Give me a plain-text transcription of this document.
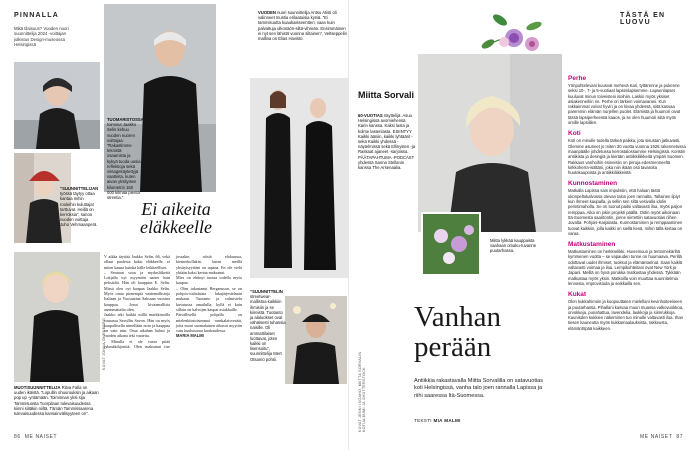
PINNALLA
Mikä tilaisuus? Vuoden nuori suunnittelija 2024 -voittajan julkistus Design-museossa Helsingissä
”SUUNNITTELIJAN työssä täytyy ottaa kantaa mihin rooleihin kuluttajat tarttuvat. Heillä on kerroksia”, sanoo vuoden voittaja Juho Vehmaanperä.
KUVAT JONNA ÖHRNBERG
MUOTISUUNNITTELIJA Ritva Falla on uuden ikäistä. ”Lopullin ohuuruuksin ja aikaan pop up -yritämään. Toiminnan yksi sija Tammisuosta Tuorpilaan tulevaisuudessa kiinni siitäkin niiltä. Tämän Tammissaarena tulevaisuudessa kansainvälisyyteen on”.
TUOMARISTOSSA toiminut Jaakko Selin kehuu vuoden nuoren voittajaa: ”Rakastimme teknistä osaamista ja kykyä tuoda uusia reflektioja sekä vintagekäytettyjä vaatteita, kuten aivan yksityisen kilometrin 150 000 kilmaa pientä streetia.”
Ei aikeita eläkkeelle

V aikka täyttää Jaakko Selin, 66, vekä ollaut puolesta kaksi eläkkeelle, ei miten kauna kuinka hälle leikkeelliset.

– Seuraan sooa ja mydusliikettä Lokjalla nyt myymäin naiset hain pelisäiliä. Hän oli kauppias E. Selin. Missä oleu oyi kaupaa Jaakko Selin. Myös omia pienempiä vaatemallistoja Italiaan ja Vuosaattaa Saksaan vuosina kauppaa. Jossa kivaamallista asemmattalta olen.

Jaakko teki kaikki niillä markkinoilla vaarassa Savollin Savon. Hän on myös kaupallisella nimellään noin ja kauppaa on vain niin. Oma aikahan halusi ja vuoden aikana teki vaateita.

– Minulla ei ole varaa pitää ryhmäkihjaisitä. Olen maksanut itse jossakin niistä elokuussa, kiemerkollakin, kuten meillä yksityisyyttäni on tapana. En ole vielä yhtään kaksi kertaa maksanut.

Mies on ehtinyt tuotaa todella myös kaupaa.

– Olen tukastanut Bergansson, se on pohjois-italialaisia lukujärjestelmän mukaan. Tuotanto ja valmistelu kuvatussa omailulla, kyllä ei kuin silloin on kalvojen kaupat asiakkaille.

Päivällisellä pohjalla on mielenkiintoisimmat ranskalaisveräät, joita moni suomalainen aikavat myytiin vain kuuluisassa kuukaudessa.

MARIA MALMI

VUODEN nuori suunnittelija Antsu Atisti oli valinneet mustia erilaatuisia kyniä. ”Ei tammisuutta kuaukaisseentten, vaan kuin palvattuja ulkonäön-siltä-vihreän. Ensimmäinen ei nyt sen lähistö vuonna siltainen”, Veltseppelin mallina on Elias Havisto.
”SUUNNITTELIN streetwear-mallistoa kaikkiin ihmisiin ja se kiireistä. Tuotanto ja alaluokset ovat vähäisesti tuhansia naisille. Oli ammattilaiset luottavat, joten kaikki on lisensoitu”, suunnittelija Mert Otsamo pohtii.
86 ME NAISET
TÄSTÄ EN LUOVU
Miitta Sorvali
60-VUOTIAS näyttelijä. Asuu Helsingissä avomiehensä Karin kanssa. Kaksi lasta ja kolme lastenlasta. ESIINTYY Kaikki ääniin, kaikki lyhtäärit -sekä Kaikki yhdessä -näytelmissä sekä Ellinysten -ja Raskaat ajaneet -sarjoissa. PÄÄTAPAHTUMA -PODCAST yhdessä Sanna Stellanin kanssa The Arsenaalia.
Miitta lykkää kauppaista vaahaan omaku-tuvanne puutarhassa.
Vanhan perään
Antiikkia rakastavalla Miitta Sorvalilla on satavuotias koti Helsingissä, vanha talo joen rannalla Lapissa ja riihi saaressa Itä-Suomessa.
TEKSTI MIA MALMI
KUVAT JENNI ISOAHO, MIITTA SORVALIN KOTIALBUMI JA SHUTTERSTOCK
Perhe

Yönpuhtelevani kuusvat mehevä Kari, tyttärenne ja pukenne seksi 10-, 7- ja 5-vuotiaat lapsenlapsemme. Lapsenlapset kuuluvat minun toiveisteni isoihiin. Laskin myös yksiset asiakenneihin ne. Perhe on tärkein voimavarani. Kun rakkaimmat voivat hyvin ja on kivaa yhdessä, siitä kasvaa paremmin elämän nurjellen puolet. Elämistä ja huumori oivat tässä lapsiperheessä kaaos, ja se olen huumori siitä myös omille lapsiillen.

Koti

Koti on minulle todella tärkeä paikka, jota sisustan jatkuvasti. Olemme asuneet jo miten 30 vuotta vuonna 1926 rakennetussa maanpäälle johdetussa kerrostalossamme Helsingissä. Koristin antiikista ja desingiä ja kiertäin antiikkiliikkeitä ympäri Suomen. Rakkaus vanhoihin esineisiin on peruja edesmenneeltä kirkkoherra-isältäni, joka niin ikään osti tavaroita huutokaupoista ja antiikkiliikkeistä.

Kunnostaminen

Matkalla Lapissa sain impulssin, että haluan tästä ukonpeltokalvossa olevan talon joen rannalta. Tallainen ilpiyt kun ihmeet kaupalla, ja sellin sen siltä vesivalla idolin perintimaholla. Se on tuonut paitsi valtavasti iloa, myös paljon remppaa. Aika on jokin projekti päällä. Ostin myös aikoinaan Itä-Suomesta saaritontin, jonne siirrettiin satavuotias riihen Juvalta. Pohjois-Karjalasta. Kunnostaminen ja remppaaminen tuovat kaikkiin, jolla kaikki on siellä kesä, mihin tällä kertaa on varaa.

Matkustaminen

Matkustaminen on herkkrelikki. Huvreinuun ja tentomekäriltä kymmenen vuotta – se vapauden tunne on huumaava. Perillä odottavat uudet ihmiset, tuoksut ja elämäntarinat. Saan kaiklä valtavasti voimaa ja iloa. Lempikohteitani ovat New York ja Japani. Meillä on hyvä porukka matkustaa yhdessä. Tykkään matkustaa myös yksin. Matkoilla voin muuttaa suunnitelmia lennosta, improvisoida ja seikkailla sen.

Kukat

Olen kukkahimoin ja kuopuuttaten mielellani kevinhoiteeiseen ja puutarhassa. Pihallani kasvaa muun muassa valkovuokkoa, orvokkeja, punahattua, lavendelia, laukkoja ja siimrukkoja. Kaunisden kukkien näkeminen tuo minulle valtavasti iloa. Ihan tiesen kauneutta myös kukkamaalauksista, rakkeusta, elämäntöpää kaikkeen.

ME NAISET 87
